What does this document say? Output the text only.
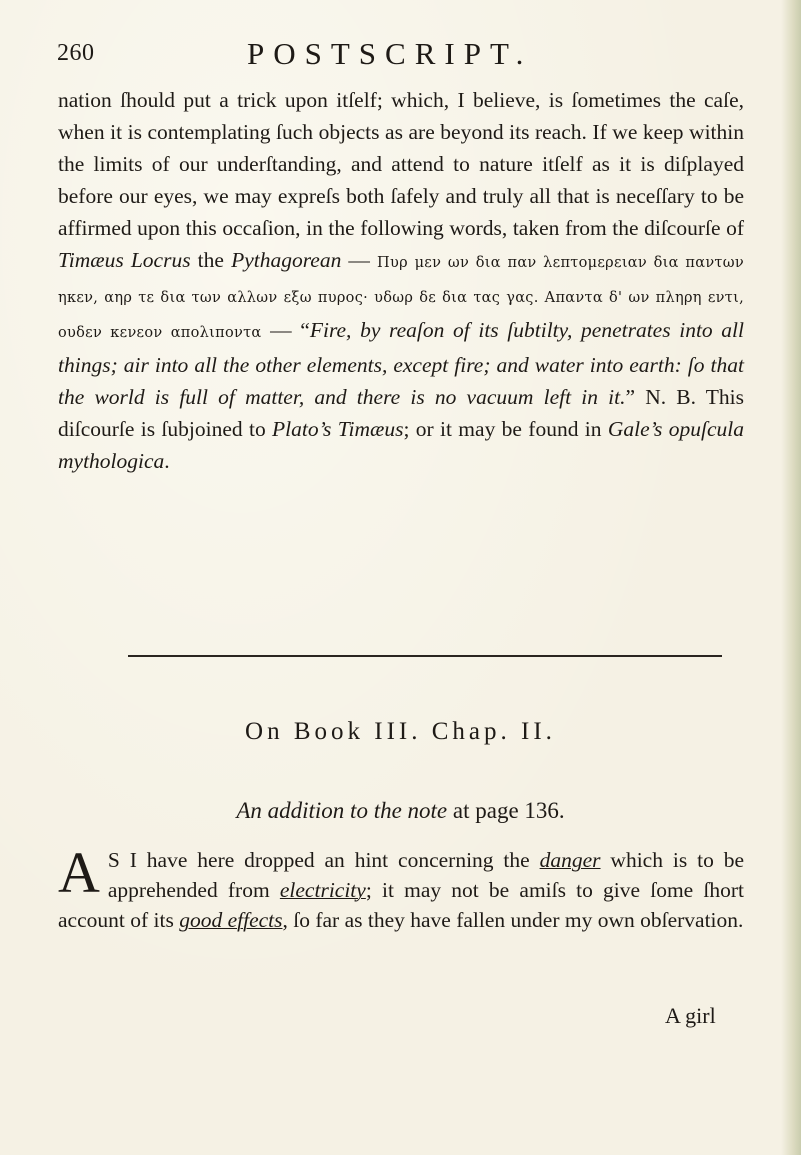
260	POSTSCRIPT.

nation ſhould put a trick upon itſelf; which, I believe, is ſometimes the caſe, when it is contemplating ſuch objects as are beyond its reach. If we keep within the limits of our underſtanding, and attend to nature itſelf as it is diſplayed before our eyes, we may expreſs both ſafely and truly all that is neceſſary to be affirmed upon this occaſion, in the following words, taken from the diſcourſe of Timæus Locrus the Pythagorean — Πυρ μεν ων δια παν λεπτομερειαν δια παντων ηκεν, αηρ τε δια των αλλων εξω πυρος· υδωρ δε δια τας γας. Απαντα δ' ων πληρη εντι, ουδεν κενεον απολιποντα — “Fire, by reaſon of its ſubtilty, penetrates into all things; air into all the other elements, except fire; and water into earth: ſo that the world is full of matter, and there is no vacuum left in it.” N. B. This diſcourſe is ſubjoined to Plato’s Timæus; or it may be found in Gale’s opuſcula mythologica.

On Book III. Chap. II.
An addition to the note at page 136.

A S I have here dropped an hint concerning the danger which is to be apprehended from electricity; it may not be amiſs to give ſome ſhort account of its good effects, ſo far as they have fallen under my own obſervation.

A girl
